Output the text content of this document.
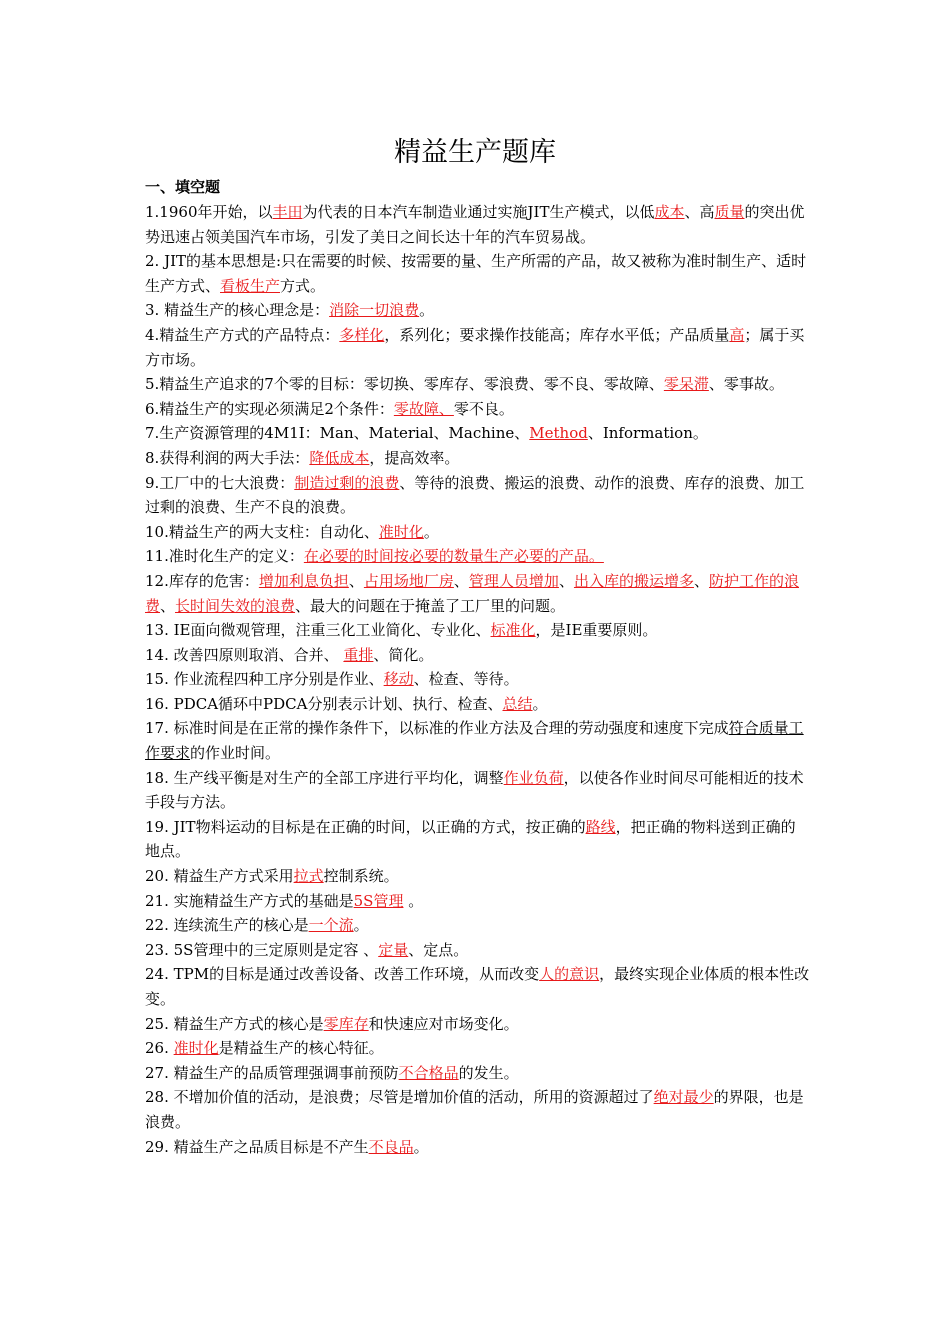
精益生产题库
一、填空题

1.1960年开始，以丰田为代表的日本汽车制造业通过实施JIT生产模式，以低成本、高质量的突出优势迅速占领美国汽车市场，引发了美日之间长达十年的汽车贸易战。

2. JIT的基本思想是:只在需要的时候、按需要的量、生产所需的产品，故又被称为准时制生产、适时生产方式、看板生产方式。

3. 精益生产的核心理念是：消除一切浪费。

4.精益生产方式的产品特点：多样化，系列化；要求操作技能高；库存水平低；产品质量高；属于买方市场。

5.精益生产追求的7个零的目标：零切换、零库存、零浪费、零不良、零故障、零呆滞、零事故。

6.精益生产的实现必须满足2个条件：零故障、零不良。

7.生产资源管理的4M1I：Man、Material、Machine、Method、Information。

8.获得利润的两大手法：降低成本，提高效率。

9.工厂中的七大浪费：制造过剩的浪费、等待的浪费、搬运的浪费、动作的浪费、库存的浪费、加工过剩的浪费、生产不良的浪费。

10.精益生产的两大支柱：自动化、准时化。

11.准时化生产的定义：在必要的时间按必要的数量生产必要的产品。

12.库存的危害：增加利息负担、占用场地厂房、管理人员增加、出入库的搬运增多、防护工作的浪费、长时间失效的浪费、最大的问题在于掩盖了工厂里的问题。

13. IE面向微观管理，注重三化工业简化、专业化、标准化，是IE重要原则。

14. 改善四原则取消、合并、 重排、简化。

15. 作业流程四种工序分别是作业、移动、检查、等待。

16. PDCA循环中PDCA分别表示计划、执行、检查、总结。

17. 标准时间是在正常的操作条件下，以标准的作业方法及合理的劳动强度和速度下完成符合质量工作要求的作业时间。

18. 生产线平衡是对生产的全部工序进行平均化，调整作业负荷，以使各作业时间尽可能相近的技术手段与方法。

19. JIT物料运动的目标是在正确的时间，以正确的方式，按正确的路线，把正确的物料送到正确的地点。

20. 精益生产方式采用拉式控制系统。

21. 实施精益生产方式的基础是5S管理 。

22. 连续流生产的核心是一个流。

23. 5S管理中的三定原则是定容 、定量、定点。

24. TPM的目标是通过改善设备、改善工作环境，从而改变人的意识，最终实现企业体质的根本性改变。

25. 精益生产方式的核心是零库存和快速应对市场变化。

26. 准时化是精益生产的核心特征。

27. 精益生产的品质管理强调事前预防不合格品的发生。

28. 不增加价值的活动，是浪费；尽管是增加价值的活动，所用的资源超过了绝对最少的界限，也是浪费。

29. 精益生产之品质目标是不产生不良品。
